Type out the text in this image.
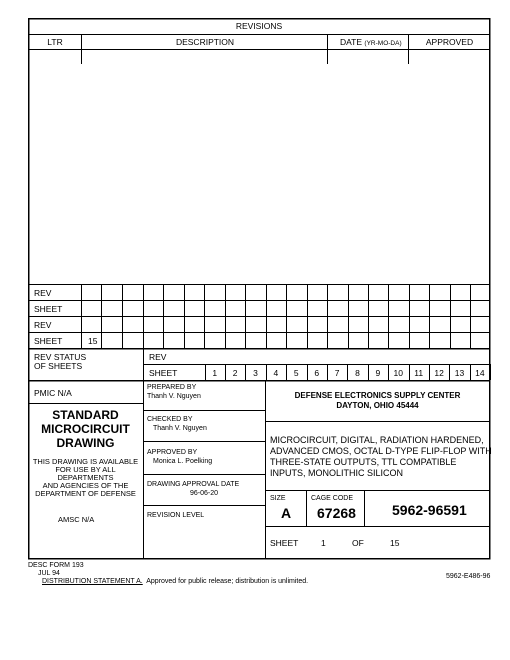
REVISIONS
LTR	DESCRIPTION	DATE (YR-MO-DA)	APPROVED
REV
SHEET
REV
SHEET	15
REV STATUS
OF SHEETS
REV
SHEET	1	2	3	4	5	6	7	8	9	10	11	12	13	14
PMIC N/A
STANDARD
MICROCIRCUIT
DRAWING
THIS DRAWING IS AVAILABLE
FOR USE BY ALL
DEPARTMENTS
AND AGENCIES OF THE
DEPARTMENT OF DEFENSE
AMSC N/A
PREPARED BY
Thanh V. Nguyen
CHECKED BY
Thanh V. Nguyen
APPROVED BY
Monica L. Poelking
DRAWING APPROVAL DATE
96-06-20
REVISION LEVEL
DEFENSE ELECTRONICS SUPPLY CENTER
DAYTON, OHIO 45444
MICROCIRCUIT, DIGITAL, RADIATION HARDENED,
ADVANCED CMOS, OCTAL D-TYPE FLIP-FLOP WITH
THREE-STATE OUTPUTS, TTL COMPATIBLE
INPUTS, MONOLITHIC SILICON
SIZE
A
CAGE CODE
67268	5962-96591
SHEET	1	OF	15
DESC FORM 193
JUL 94
DISTRIBUTION STATEMENT A.  Approved for public release; distribution is unlimited.
5962-E486-96
